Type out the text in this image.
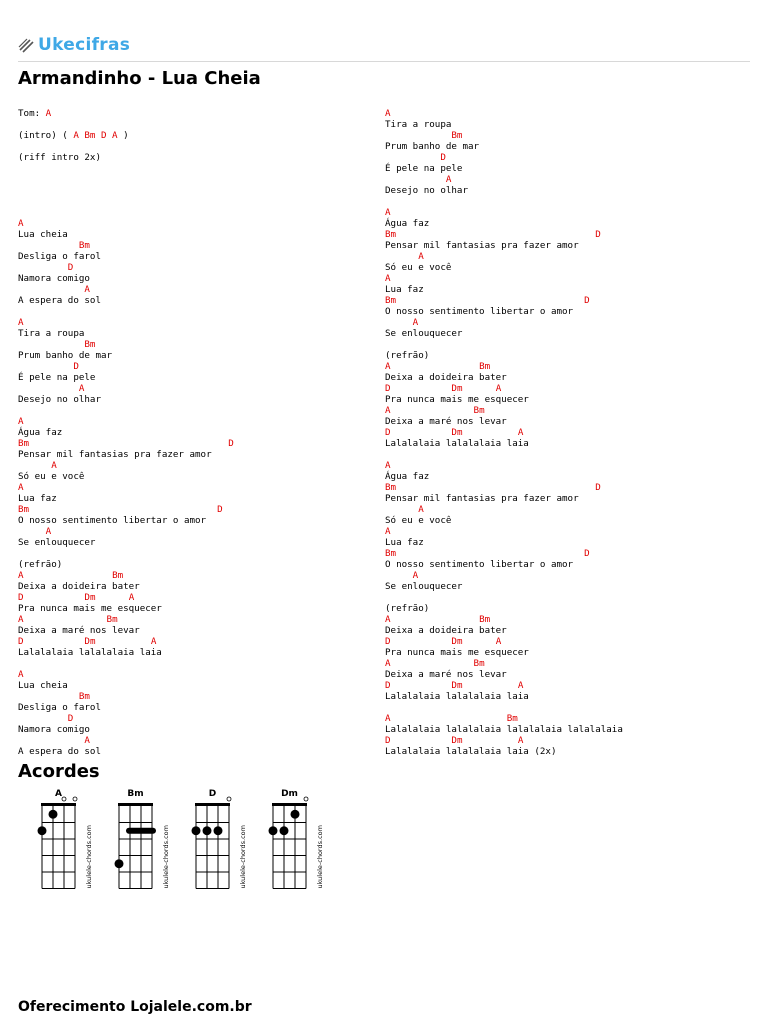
Ukecifras
Armandinho - Lua Cheia
Tom: A
(intro) ( A Bm D A )
(riff intro 2x)
A
Lua cheia
Bm
Desliga o farol
D
Namora comigo
A
A espera do sol
A
Tira a roupa
Bm
Prum banho de mar
D
É pele na pele
A
Desejo no olhar
A
Água faz
Bm	D
Pensar mil fantasias pra fazer amor
A
Só eu e você
A
Lua faz
Bm	D
O nosso sentimento libertar o amor
A
Se enlouquecer
(refrão)
A	Bm
Deixa a doideira bater
D	Dm	A
Pra nunca mais me esquecer
A	Bm
Deixa a maré nos levar
D	Dm	A
Lalalalaia lalalalaia laia
A
Lua cheia
Bm
Desliga o farol
D
Namora comigo
A
A espera do sol
A
Tira a roupa
Bm
Prum banho de mar
D
É pele na pele
A
Desejo no olhar
A
Água faz
Bm	D
Pensar mil fantasias pra fazer amor
A
Só eu e você
A
Lua faz
Bm	D
O nosso sentimento libertar o amor
A
Se enlouquecer
(refrão)
A	Bm
Deixa a doideira bater
D	Dm	A
Pra nunca mais me esquecer
A	Bm
Deixa a maré nos levar
D	Dm	A
Lalalalaia lalalalaia laia
A
Água faz
Bm	D
Pensar mil fantasias pra fazer amor
A
Só eu e você
A
Lua faz
Bm	D
O nosso sentimento libertar o amor
A
Se enlouquecer
(refrão)
A	Bm
Deixa a doideira bater
D	Dm	A
Pra nunca mais me esquecer
A	Bm
Deixa a maré nos levar
D	Dm	A
Lalalalaia lalalalaia laia
A	Bm
Lalalalaia lalalalaia lalalalaia lalalalaia
D	Dm	A
Lalalalaia lalalalaia laia (2x)
Acordes
A
ukulele-chords.com
Bm
ukulele-chords.com
D
ukulele-chords.com
Dm
ukulele-chords.com
Oferecimento Lojalele.com.br
